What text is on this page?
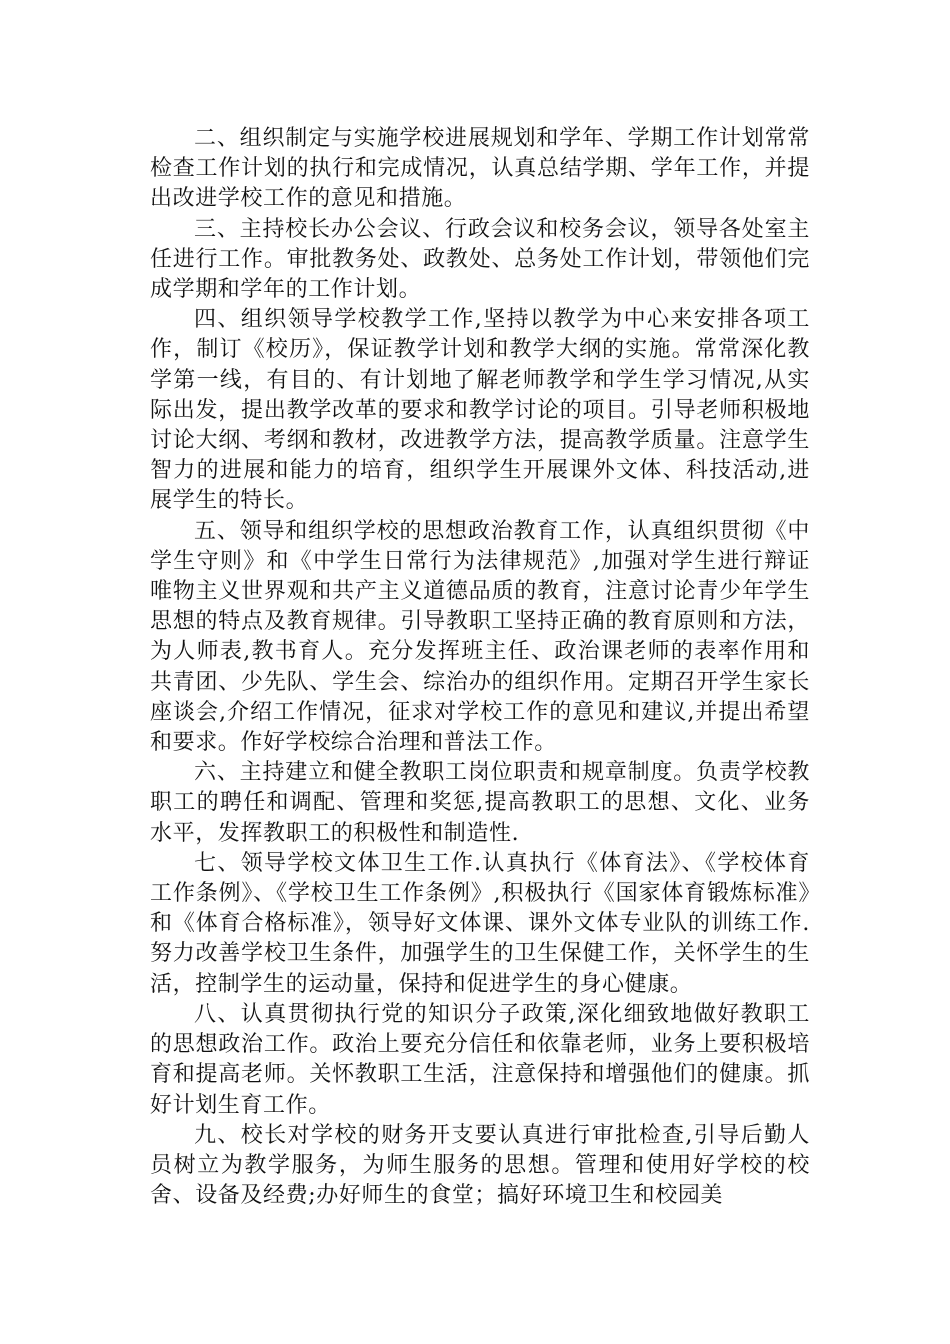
二、组织制定与实施学校进展规划和学年、学期工作计划常常检查工作计划的执行和完成情况，认真总结学期、学年工作，并提出改进学校工作的意见和措施。

三、主持校长办公会议、行政会议和校务会议，领导各处室主任进行工作。审批教务处、政教处、总务处工作计划，带领他们完成学期和学年的工作计划。

四、组织领导学校教学工作,坚持以教学为中心来安排各项工作，制订《校历》，保证教学计划和教学大纲的实施。常常深化教学第一线，有目的、有计划地了解老师教学和学生学习情况,从实际出发，提出教学改革的要求和教学讨论的项目。引导老师积极地讨论大纲、考纲和教材，改进教学方法，提高教学质量。注意学生智力的进展和能力的培育，组织学生开展课外文体、科技活动,进展学生的特长。

五、领导和组织学校的思想政治教育工作，认真组织贯彻《中学生守则》和《中学生日常行为法律规范》,加强对学生进行辩证唯物主义世界观和共产主义道德品质的教育，注意讨论青少年学生思想的特点及教育规律。引导教职工坚持正确的教育原则和方法，为人师表,教书育人。充分发挥班主任、政治课老师的表率作用和共青团、少先队、学生会、综治办的组织作用。定期召开学生家长座谈会,介绍工作情况，征求对学校工作的意见和建议,并提出希望和要求。作好学校综合治理和普法工作。

六、主持建立和健全教职工岗位职责和规章制度。负责学校教职工的聘任和调配、管理和奖惩,提高教职工的思想、文化、业务水平，发挥教职工的积极性和制造性.

七、领导学校文体卫生工作.认真执行《体育法》、《学校体育工作条例》、《学校卫生工作条例》,积极执行《国家体育锻炼标准》和《体育合格标准》，领导好文体课、课外文体专业队的训练工作.努力改善学校卫生条件，加强学生的卫生保健工作，关怀学生的生活，控制学生的运动量，保持和促进学生的身心健康。

八、认真贯彻执行党的知识分子政策,深化细致地做好教职工的思想政治工作。政治上要充分信任和依靠老师，业务上要积极培育和提高老师。关怀教职工生活，注意保持和增强他们的健康。抓好计划生育工作。

九、校长对学校的财务开支要认真进行审批检查,引导后勤人员树立为教学服务，为师生服务的思想。管理和使用好学校的校舍、设备及经费;办好师生的食堂；搞好环境卫生和校园美
